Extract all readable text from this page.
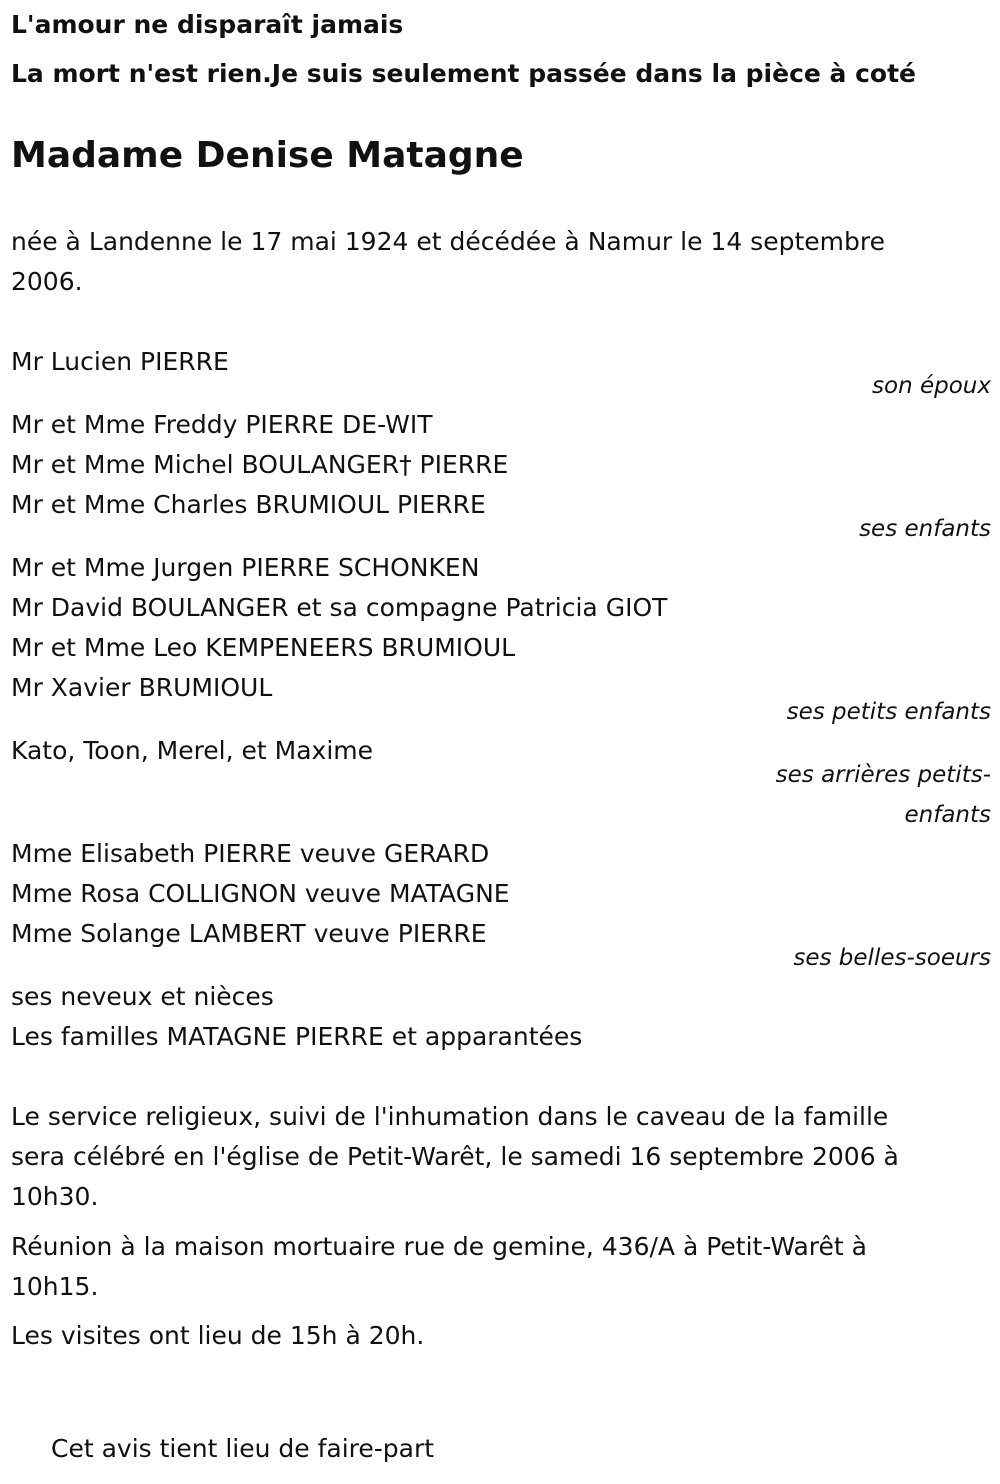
L'amour ne disparaît jamais
La mort n'est rien.Je suis seulement passée dans la pièce à coté
Madame Denise Matagne
née à Landenne le 17 mai 1924 et décédée à Namur le 14 septembre
2006.
Mr Lucien PIERRE
son époux
Mr et Mme Freddy PIERRE DE-WIT
Mr et Mme Michel BOULANGER† PIERRE
Mr et Mme Charles BRUMIOUL PIERRE
ses enfants
Mr et Mme Jurgen PIERRE SCHONKEN
Mr David BOULANGER et sa compagne Patricia GIOT
Mr et Mme Leo KEMPENEERS BRUMIOUL
Mr Xavier BRUMIOUL
ses petits enfants
Kato, Toon, Merel, et Maxime
ses arrières petits-
enfants
Mme Elisabeth PIERRE veuve GERARD
Mme Rosa COLLIGNON veuve MATAGNE
Mme Solange LAMBERT veuve PIERRE
ses belles-soeurs
ses neveux et nièces
Les familles MATAGNE PIERRE et apparantées
Le service religieux, suivi de l'inhumation dans le caveau de la famille
sera célébré en l'église de Petit-Warêt, le samedi 16 septembre 2006 à
10h30.
Réunion à la maison mortuaire rue de gemine, 436/A à Petit-Warêt à
10h15.
Les visites ont lieu de 15h à 20h.
Cet avis tient lieu de faire-part
